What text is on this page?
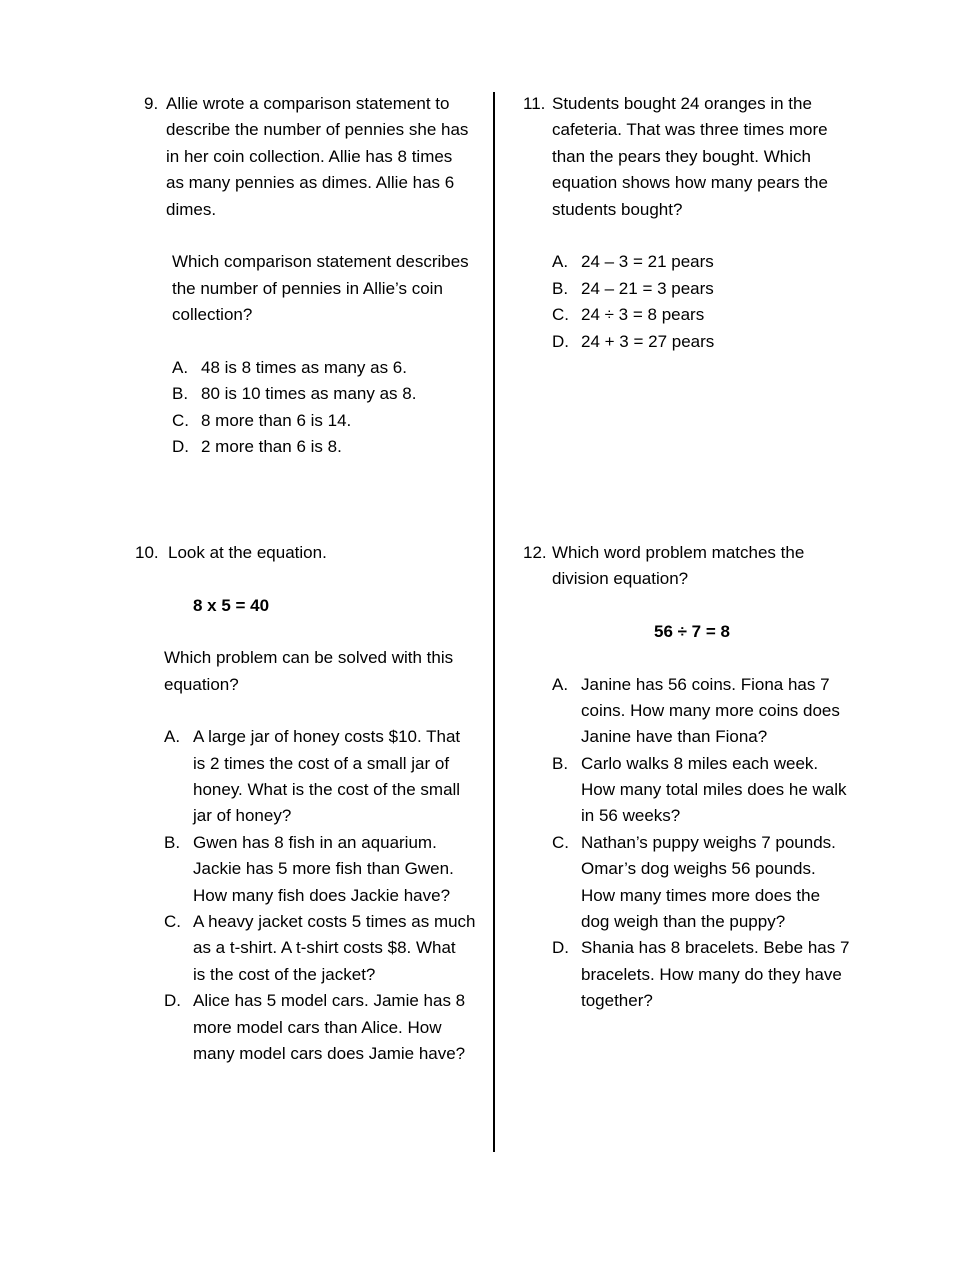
9. Allie wrote a comparison statement to
describe the number of pennies she has
in her coin collection. Allie has 8 times
as many pennies as dimes. Allie has 6
dimes.
Which comparison statement describes
the number of pennies in Allie’s coin
collection?
A. 48 is 8 times as many as 6.
B. 80 is 10 times as many as 8.
C. 8 more than 6 is 14.
D. 2 more than 6 is 8.
10. Look at the equation.
8 x 5 = 40
Which problem can be solved with this
equation?
A. A large jar of honey costs $10. That
is 2 times the cost of a small jar of
honey. What is the cost of the small
jar of honey?
B. Gwen has 8 fish in an aquarium.
Jackie has 5 more fish than Gwen.
How many fish does Jackie have?
C. A heavy jacket costs 5 times as much
as a t-shirt. A t-shirt costs $8. What
is the cost of the jacket?
D. Alice has 5 model cars. Jamie has 8
more model cars than Alice. How
many model cars does Jamie have?
11. Students bought 24 oranges in the
cafeteria. That was three times more
than the pears they bought. Which
equation shows how many pears the
students bought?
A. 24 – 3 = 21 pears
B. 24 – 21 = 3 pears
C. 24 ÷ 3 = 8 pears
D. 24 + 3 = 27 pears
12. Which word problem matches the
division equation?
56 ÷ 7 = 8
A. Janine has 56 coins. Fiona has 7
coins. How many more coins does
Janine have than Fiona?
B. Carlo walks 8 miles each week.
How many total miles does he walk
in 56 weeks?
C. Nathan’s puppy weighs 7 pounds.
Omar’s dog weighs 56 pounds.
How many times more does the
dog weigh than the puppy?
D. Shania has 8 bracelets. Bebe has 7
bracelets. How many do they have
together?
